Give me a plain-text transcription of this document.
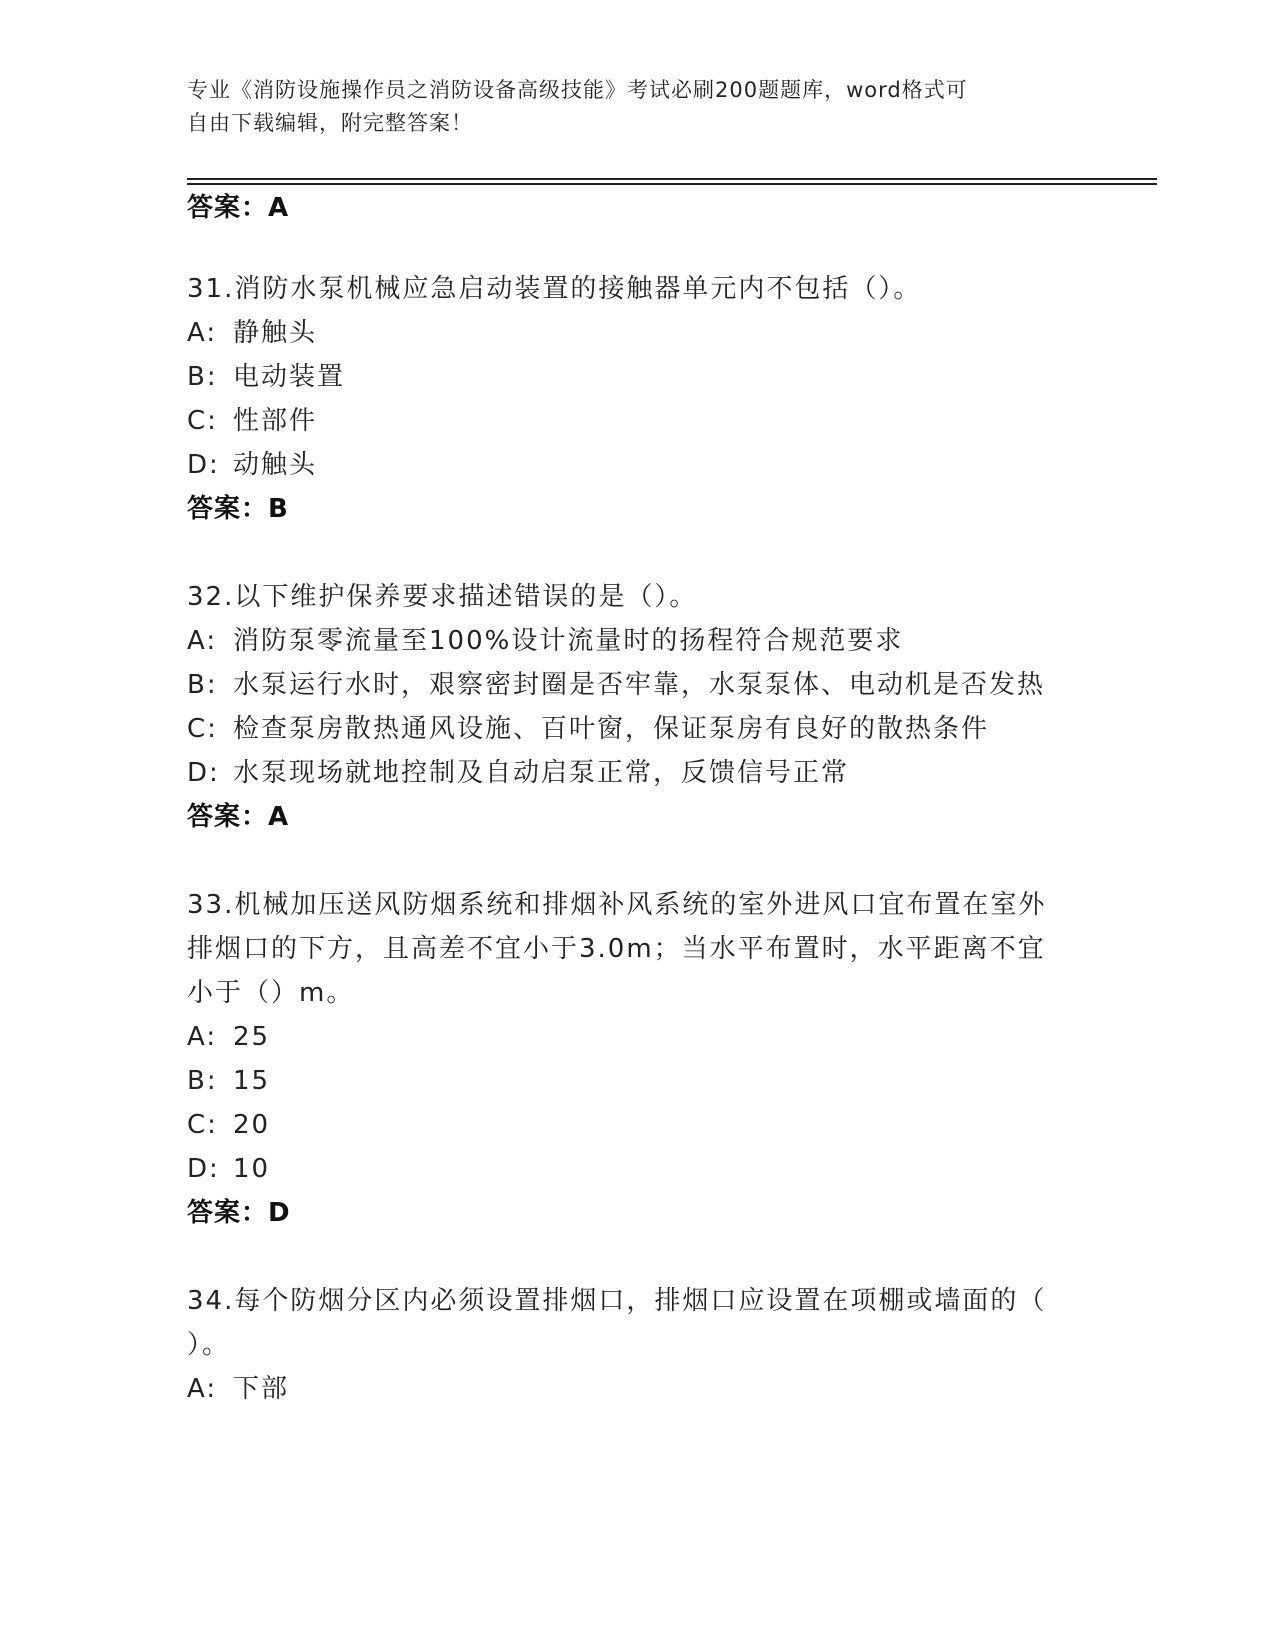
专业《消防设施操作员之消防设备高级技能》考试必刷200题题库，word格式可
自由下载编辑，附完整答案！
答案：A
31.消防水泵机械应急启动装置的接触器单元内不包括（）。
A: 静触头
B: 电动装置
C: 性部件
D: 动触头
答案：B
32.以下维护保养要求描述错误的是（）。
A: 消防泵零流量至100%设计流量时的扬程符合规范要求
B: 水泵运行水时，艰察密封圈是否牢靠，水泵泵体、电动机是否发热
C: 检查泵房散热通风设施、百叶窗，保证泵房有良好的散热条件
D: 水泵现场就地控制及自动启泵正常，反馈信号正常
答案：A
33.机械加压送风防烟系统和排烟补风系统的室外进风口宜布置在室外
排烟口的下方，且高差不宜小于3.0m；当水平布置时，水平距离不宜
小于（）m。
A: 25
B: 15
C: 20
D: 10
答案：D
34.每个防烟分区内必须设置排烟口，排烟口应设置在项棚或墙面的（
）。
A: 下部
